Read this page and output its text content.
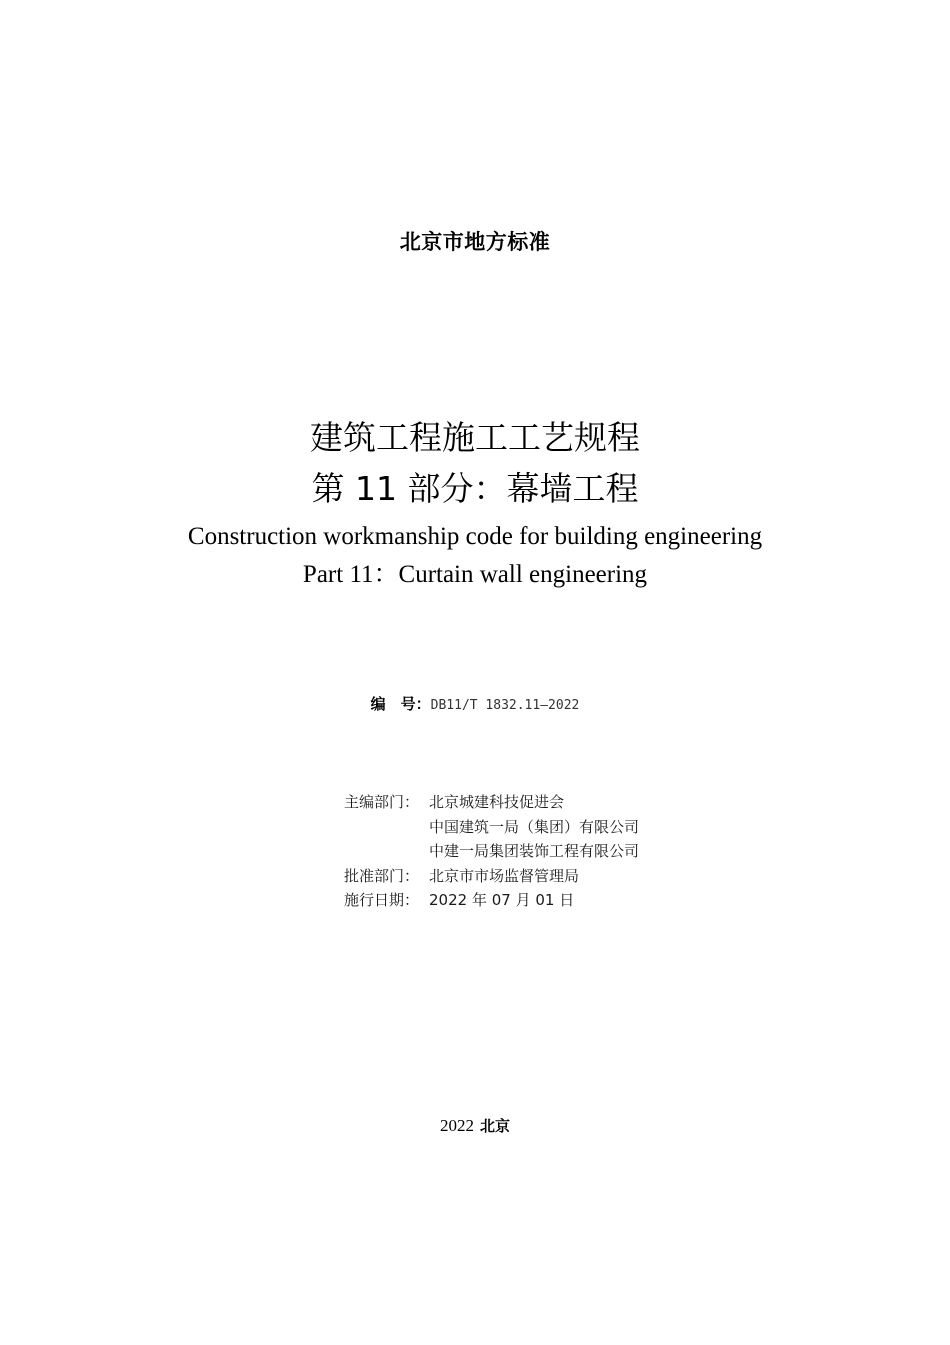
北京市地方标准
建筑工程施工工艺规程
第 11 部分：幕墙工程
Construction workmanship code for building engineering
Part 11：Curtain wall engineering
编　号：DB11/T 1832.11—2022
主编部门： 北京城建科技促进会
中国建筑一局（集团）有限公司
中建一局集团装饰工程有限公司
批准部门： 北京市市场监督管理局
施行日期： 2022 年 07 月 01 日
2022 北京
